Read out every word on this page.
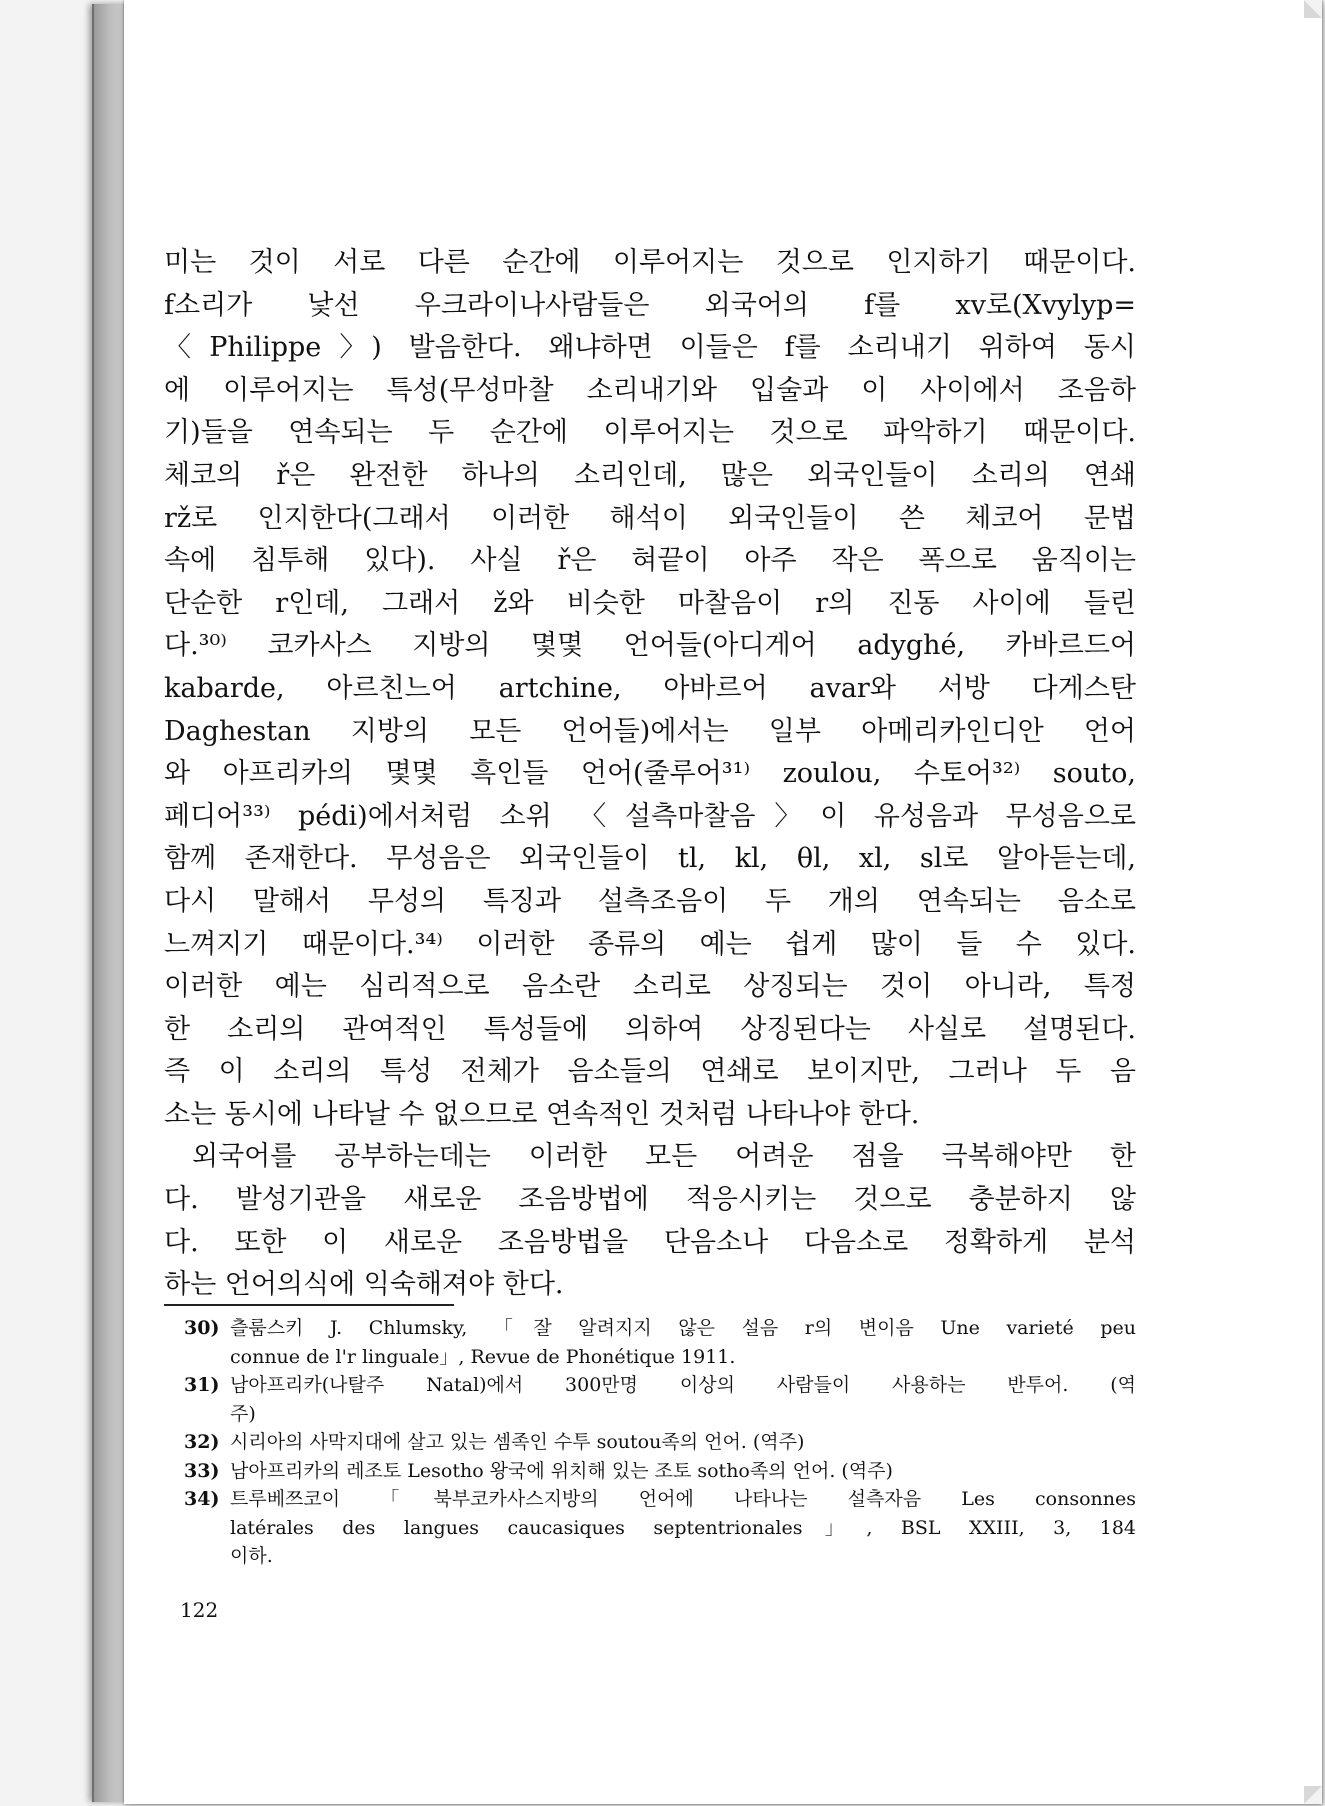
미는 것이 서로 다른 순간에 이루어지는 것으로 인지하기 때문이다.
f소리가 낯선 우크라이나사람들은 외국어의 f를 xv로(Xvylyp=
〈Philippe〉) 발음한다. 왜냐하면 이들은 f를 소리내기 위하여 동시
에 이루어지는 특성(무성마찰 소리내기와 입술과 이 사이에서 조음하
기)들을 연속되는 두 순간에 이루어지는 것으로 파악하기 때문이다.
체코의 ř은 완전한 하나의 소리인데, 많은 외국인들이 소리의 연쇄
rž로 인지한다(그래서 이러한 해석이 외국인들이 쓴 체코어 문법
속에 침투해 있다). 사실 ř은 혀끝이 아주 작은 폭으로 움직이는
단순한 r인데, 그래서 ž와 비슷한 마찰음이 r의 진동 사이에 들린
다.³⁰⁾ 코카사스 지방의 몇몇 언어들(아디게어 adyghé, 카바르드어
kabarde, 아르친느어 artchine, 아바르어 avar와 서방 다게스탄
Daghestan 지방의 모든 언어들)에서는 일부 아메리카인디안 언어
와 아프리카의 몇몇 흑인들 언어(줄루어³¹⁾ zoulou, 수토어³²⁾ souto,
페디어³³⁾ pédi)에서처럼 소위 〈설측마찰음〉이 유성음과 무성음으로
함께 존재한다. 무성음은 외국인들이 tl, kl, θl, xl, sl로 알아듣는데,
다시 말해서 무성의 특징과 설측조음이 두 개의 연속되는 음소로
느껴지기 때문이다.³⁴⁾ 이러한 종류의 예는 쉽게 많이 들 수 있다.
이러한 예는 심리적으로 음소란 소리로 상징되는 것이 아니라, 특정
한 소리의 관여적인 특성들에 의하여 상징된다는 사실로 설명된다.
즉 이 소리의 특성 전체가 음소들의 연쇄로 보이지만, 그러나 두 음
소는 동시에 나타날 수 없으므로 연속적인 것처럼 나타나야 한다.
외국어를 공부하는데는 이러한 모든 어려운 점을 극복해야만 한
다. 발성기관을 새로운 조음방법에 적응시키는 것으로 충분하지 않
다. 또한 이 새로운 조음방법을 단음소나 다음소로 정확하게 분석
하는 언어의식에 익숙해져야 한다.
30) 츨룸스키 J. Chlumsky, 「잘 알려지지 않은 설음 r의 변이음 Une varieté peu
connue de l'r linguale」, Revue de Phonétique 1911.
31) 남아프리카(나탈주 Natal)에서 300만명 이상의 사람들이 사용하는 반투어. (역
주)
32) 시리아의 사막지대에 살고 있는 셈족인 수투 soutou족의 언어. (역주)
33) 남아프리카의 레조토 Lesotho 왕국에 위치해 있는 조토 sotho족의 언어. (역주)
34) 트루베쯔코이 「북부코카사스지방의 언어에 나타나는 설측자음 Les consonnes
latérales des langues caucasiques septentrionales」, BSL XXIII, 3, 184
이하.
122
